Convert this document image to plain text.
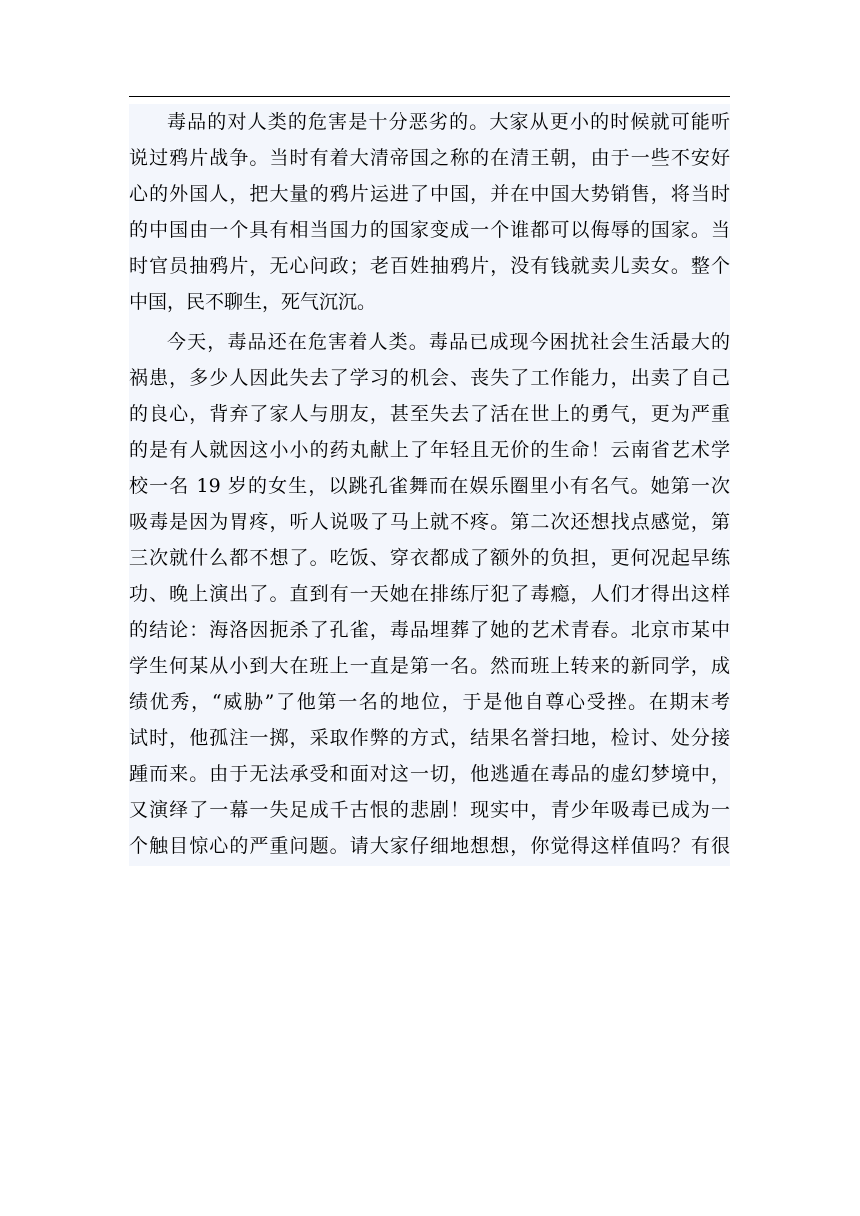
毒品的对人类的危害是十分恶劣的。大家从更小的时候就可能听
说过鸦片战争。当时有着大清帝国之称的在清王朝，由于一些不安好
心的外国人，把大量的鸦片运进了中国，并在中国大势销售，将当时
的中国由一个具有相当国力的国家变成一个谁都可以侮辱的国家。当
时官员抽鸦片，无心问政；老百姓抽鸦片，没有钱就卖儿卖女。整个
中国，民不聊生，死气沉沉。
今天，毒品还在危害着人类。毒品已成现今困扰社会生活最大的
祸患，多少人因此失去了学习的机会、丧失了工作能力，出卖了自己
的良心，背弃了家人与朋友，甚至失去了活在世上的勇气，更为严重
的是有人就因这小小的药丸献上了年轻且无价的生命！云南省艺术学
校一名 19 岁的女生，以跳孔雀舞而在娱乐圈里小有名气。她第一次
吸毒是因为胃疼，听人说吸了马上就不疼。第二次还想找点感觉，第
三次就什么都不想了。吃饭、穿衣都成了额外的负担，更何况起早练
功、晚上演出了。直到有一天她在排练厅犯了毒瘾，人们才得出这样
的结论：海洛因扼杀了孔雀，毒品埋葬了她的艺术青春。北京市某中
学生何某从小到大在班上一直是第一名。然而班上转来的新同学，成
绩优秀，“威胁”了他第一名的地位，于是他自尊心受挫。在期末考
试时，他孤注一掷，采取作弊的方式，结果名誉扫地，检讨、处分接
踵而来。由于无法承受和面对这一切，他逃遁在毒品的虚幻梦境中，
又演绎了一幕一失足成千古恨的悲剧！现实中，青少年吸毒已成为一
个触目惊心的严重问题。请大家仔细地想想，你觉得这样值吗？有很
